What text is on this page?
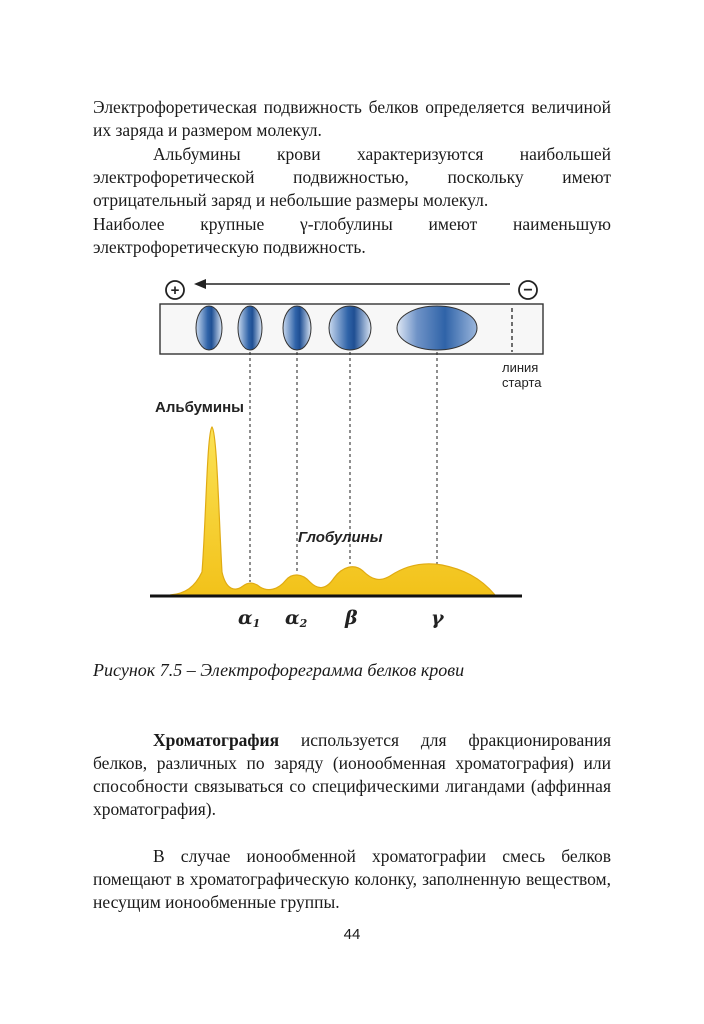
Электрофоретическая подвижность белков определяется величиной их заряда и размером молекул.

Альбумины крови характеризуются наибольшей электрофоретической подвижностью, поскольку имеют отрицательный заряд и небольшие размеры молекул.

Наиболее крупные γ-глобулины имеют наименьшую электрофоретическую подвижность.

+	−
линия
старта
Альбумины
Глобулины
α1 α2 β	γ
Рисунок 7.5 – Электрофореграмма белков крови

Хроматография используется для фракционирования белков, различных по заряду (ионообменная хроматография) или способности связываться со специфическими лигандами (аффинная хроматография).

В случае ионообменной хроматографии смесь белков помещают в хроматографическую колонку, заполненную веществом, несущим ионообменные группы.

44
